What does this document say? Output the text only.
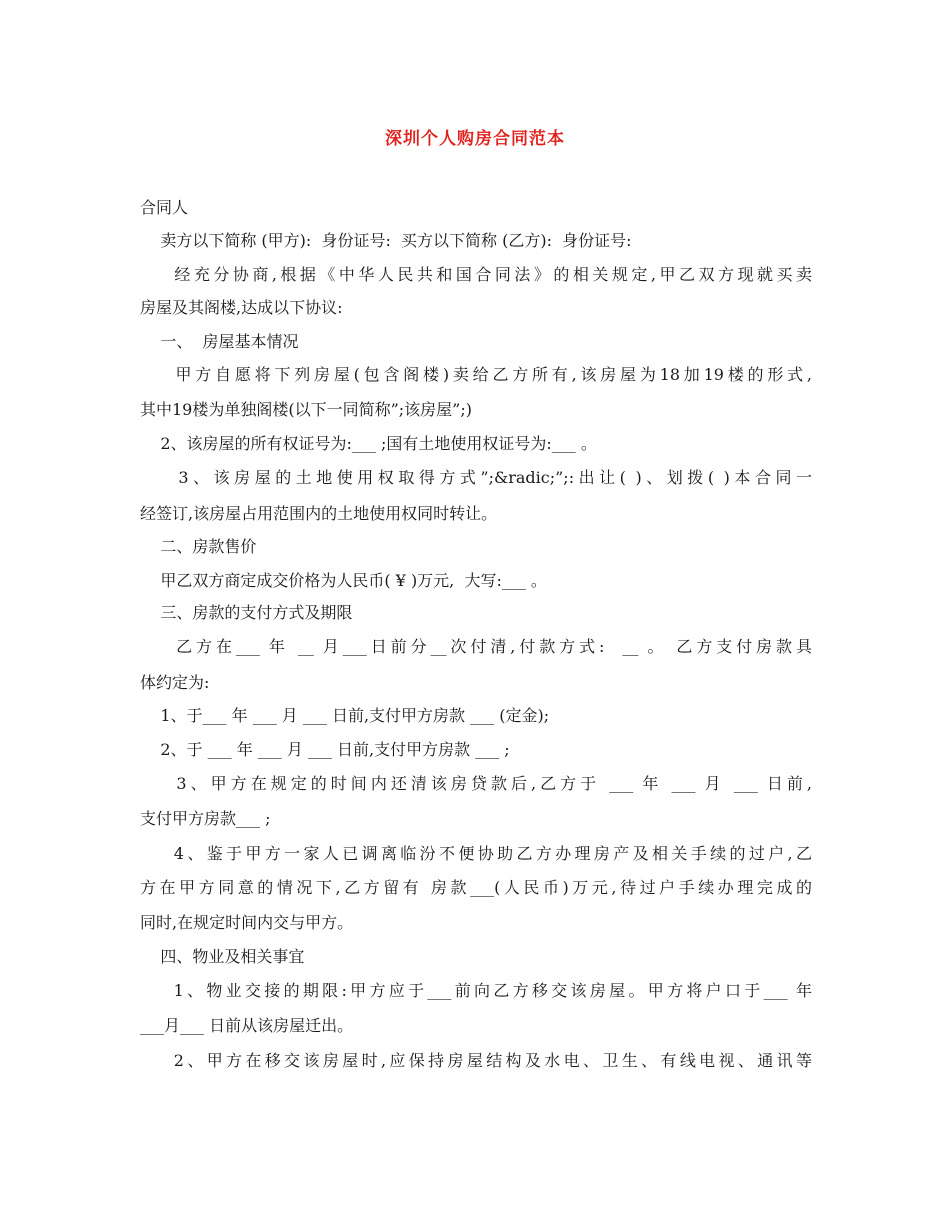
深圳个人购房合同范本
合同人
卖方以下简称 (甲方):  身份证号:  买方以下简称 (乙方):  身份证号:
经充分协商,根据《中华人民共和国合同法》的相关规定,甲乙双方现就买卖
房屋及其阁楼,达成以下协议:
一、  房屋基本情况
甲方自愿将下列房屋(包含阁楼)卖给乙方所有,该房屋为18加19楼的形式,
其中19楼为单独阁楼(以下一同简称”;该房屋”;)
2、该房屋的所有权证号为:___ ;国有土地使用权证号为:___ 。
3、该房屋的土地使用权取得方式”;&radic;”;:出让( )、划拨( )本合同一
经签订,该房屋占用范围内的土地使用权同时转让。
二、房款售价
甲乙双方商定成交价格为人民币( ¥ )万元,  大写:___ 。
三、房款的支付方式及期限
乙方在___ 年 __ 月___日前分__次付清,付款方式:  __ 。 乙方支付房款具
体约定为:
1、于___ 年 ___ 月 ___ 日前,支付甲方房款 ___ (定金);
2、于 ___ 年 ___ 月 ___ 日前,支付甲方房款 ___ ;
3、甲方在规定的时间内还清该房贷款后,乙方于 ___ 年 ___ 月 ___ 日前,
支付甲方房款___ ;
4、鉴于甲方一家人已调离临汾不便协助乙方办理房产及相关手续的过户,乙
方在甲方同意的情况下,乙方留有 房款___(人民币)万元,待过户手续办理完成的
同时,在规定时间内交与甲方。
四、物业及相关事宜
1、物业交接的期限:甲方应于___前向乙方移交该房屋。甲方将户口于___ 年
___月___ 日前从该房屋迁出。
2、甲方在移交该房屋时,应保持房屋结构及水电、卫生、有线电视、通讯等
